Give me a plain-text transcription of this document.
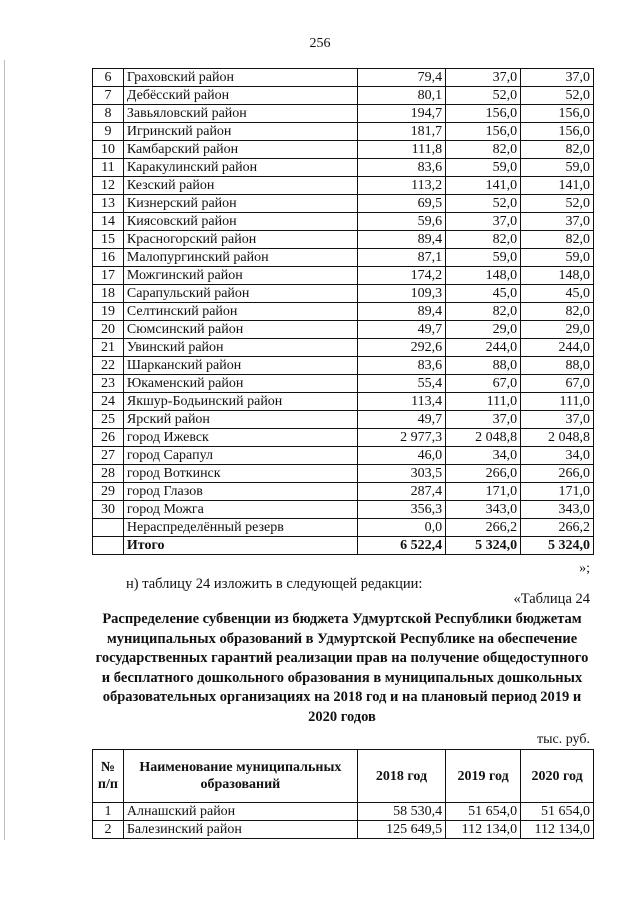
256
6	Граховский район	79,4	37,0	37,0
7	Дебёсский район	80,1	52,0	52,0
8	Завьяловский район	194,7	156,0	156,0
9	Игринский район	181,7	156,0	156,0
10	Камбарский район	111,8	82,0	82,0
11	Каракулинский район	83,6	59,0	59,0
12	Кезский район	113,2	141,0	141,0
13	Кизнерский район	69,5	52,0	52,0
14	Киясовский район	59,6	37,0	37,0
15	Красногорский район	89,4	82,0	82,0
16	Малопургинский район	87,1	59,0	59,0
17	Можгинский район	174,2	148,0	148,0
18	Сарапульский район	109,3	45,0	45,0
19	Селтинский район	89,4	82,0	82,0
20	Сюмсинский район	49,7	29,0	29,0
21	Увинский район	292,6	244,0	244,0
22	Шарканский район	83,6	88,0	88,0
23	Юкаменский район	55,4	67,0	67,0
24	Якшур-Бодьинский район	113,4	111,0	111,0
25	Ярский район	49,7	37,0	37,0
26	город Ижевск	2 977,3	2 048,8	2 048,8
27	город Сарапул	46,0	34,0	34,0
28	город Воткинск	303,5	266,0	266,0
29	город Глазов	287,4	171,0	171,0
30	город Можга	356,3	343,0	343,0
	Нераспределённый резерв	0,0	266,2	266,2
	Итого	6 522,4	5 324,0	5 324,0
»;
н) таблицу 24 изложить в следующей редакции:
«Таблица 24
Распределение субвенции из бюджета Удмуртской Республики бюджетам муниципальных образований в Удмуртской Республике на обеспечение государственных гарантий реализации прав на получение общедоступного и бесплатного дошкольного образования в муниципальных дошкольных образовательных организациях на 2018 год и на плановый период 2019 и 2020 годов
тыс. руб.
№ п/п	Наименование муниципальных образований	2018 год	2019 год	2020 год
1	Алнашский район	58 530,4	51 654,0	51 654,0
2	Балезинский район	125 649,5	112 134,0	112 134,0
